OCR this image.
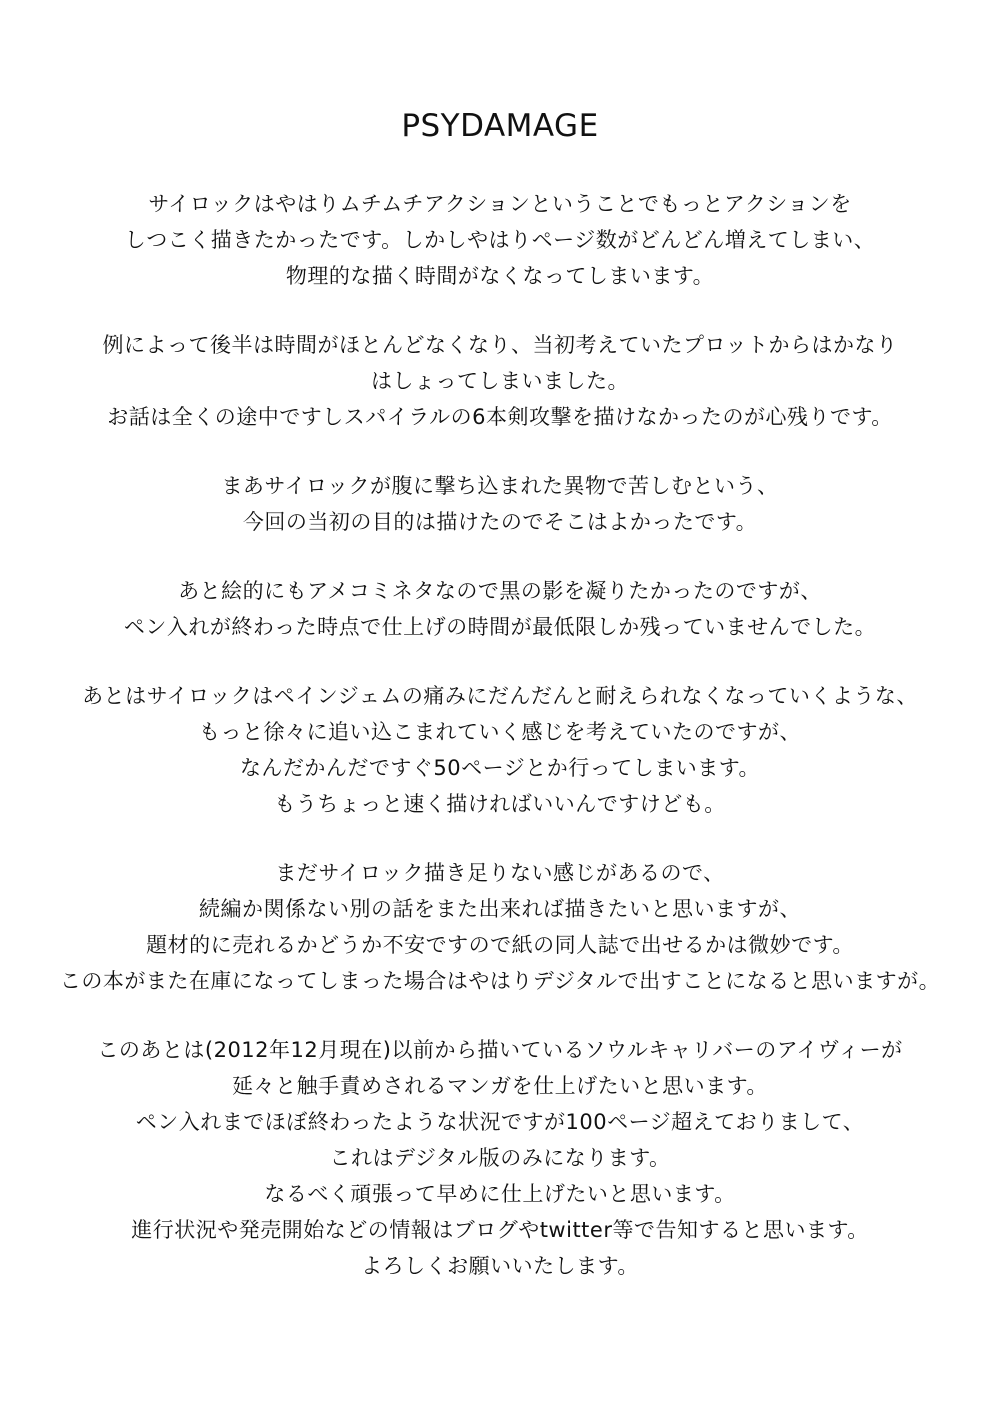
PSYDAMAGE
サイロックはやはりムチムチアクションということでもっとアクションを
しつこく描きたかったです。しかしやはりページ数がどんどん増えてしまい、
物理的な描く時間がなくなってしまいます。
例によって後半は時間がほとんどなくなり、当初考えていたプロットからはかなり
はしょってしまいました。
お話は全くの途中ですしスパイラルの6本剣攻撃を描けなかったのが心残りです。
まあサイロックが腹に撃ち込まれた異物で苦しむという、
今回の当初の目的は描けたのでそこはよかったです。
あと絵的にもアメコミネタなので黒の影を凝りたかったのですが、
ペン入れが終わった時点で仕上げの時間が最低限しか残っていませんでした。
あとはサイロックはペインジェムの痛みにだんだんと耐えられなくなっていくような、
もっと徐々に追い込こまれていく感じを考えていたのですが、
なんだかんだですぐ50ページとか行ってしまいます。
もうちょっと速く描ければいいんですけども。
まだサイロック描き足りない感じがあるので、
続編か関係ない別の話をまた出来れば描きたいと思いますが、
題材的に売れるかどうか不安ですので紙の同人誌で出せるかは微妙です。
この本がまた在庫になってしまった場合はやはりデジタルで出すことになると思いますが。
このあとは(2012年12月現在)以前から描いているソウルキャリバーのアイヴィーが
延々と触手責めされるマンガを仕上げたいと思います。
ペン入れまでほぼ終わったような状況ですが100ページ超えておりまして、
これはデジタル版のみになります。
なるべく頑張って早めに仕上げたいと思います。
進行状況や発売開始などの情報はブログやtwitter等で告知すると思います。
よろしくお願いいたします。
